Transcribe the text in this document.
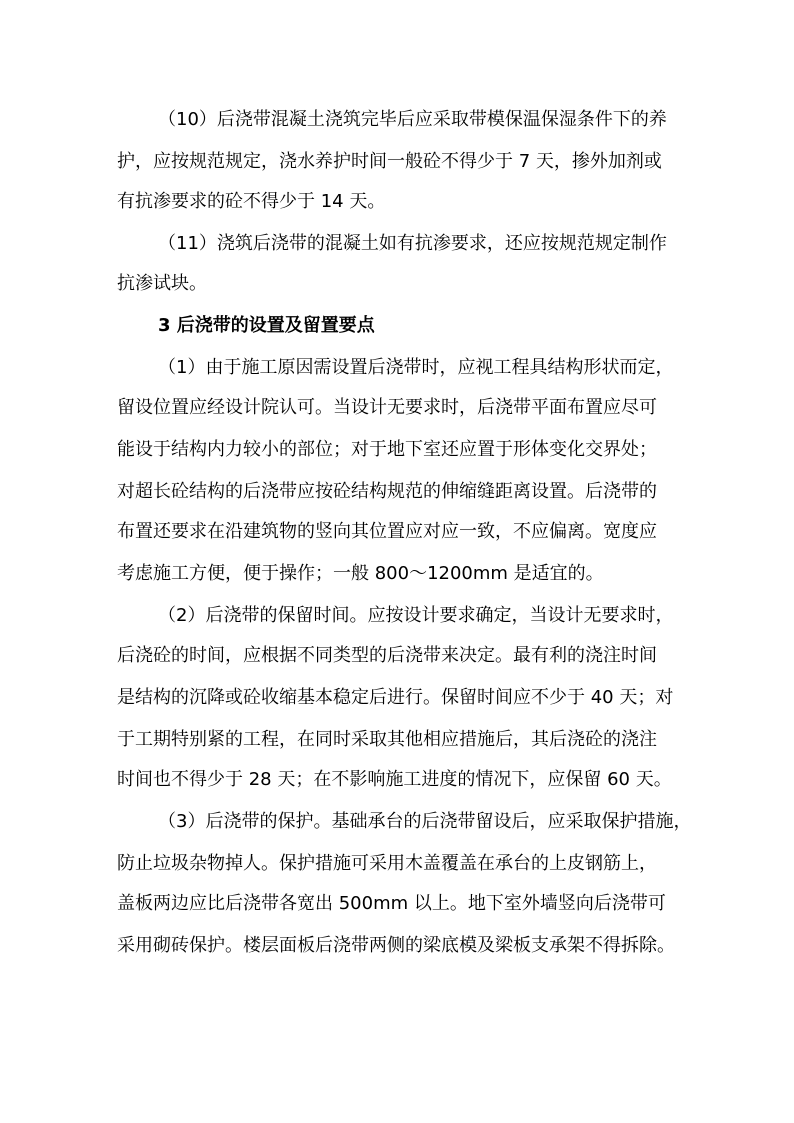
（10）后浇带混凝土浇筑完毕后应采取带模保温保湿条件下的养
护，应按规范规定，浇水养护时间一般砼不得少于 7 天，掺外加剂或
有抗渗要求的砼不得少于 14 天。
（11）浇筑后浇带的混凝土如有抗渗要求，还应按规范规定制作
抗渗试块。
3 后浇带的设置及留置要点
（1）由于施工原因需设置后浇带时，应视工程具结构形状而定，
留设位置应经设计院认可。当设计无要求时，后浇带平面布置应尽可
能设于结构内力较小的部位；对于地下室还应置于形体变化交界处；
对超长砼结构的后浇带应按砼结构规范的伸缩缝距离设置。后浇带的
布置还要求在沿建筑物的竖向其位置应对应一致，不应偏离。宽度应
考虑施工方便，便于操作；一般 800～1200mm 是适宜的。
（2）后浇带的保留时间。应按设计要求确定，当设计无要求时，
后浇砼的时间，应根据不同类型的后浇带来决定。最有利的浇注时间
是结构的沉降或砼收缩基本稳定后进行。保留时间应不少于 40 天；对
于工期特别紧的工程，在同时采取其他相应措施后，其后浇砼的浇注
时间也不得少于 28 天；在不影响施工进度的情况下，应保留 60 天。
（3）后浇带的保护。基础承台的后浇带留设后，应采取保护措施，
防止垃圾杂物掉人。保护措施可采用木盖覆盖在承台的上皮钢筋上，
盖板两边应比后浇带各宽出 500mm 以上。地下室外墙竖向后浇带可
采用砌砖保护。楼层面板后浇带两侧的梁底模及梁板支承架不得拆除。
